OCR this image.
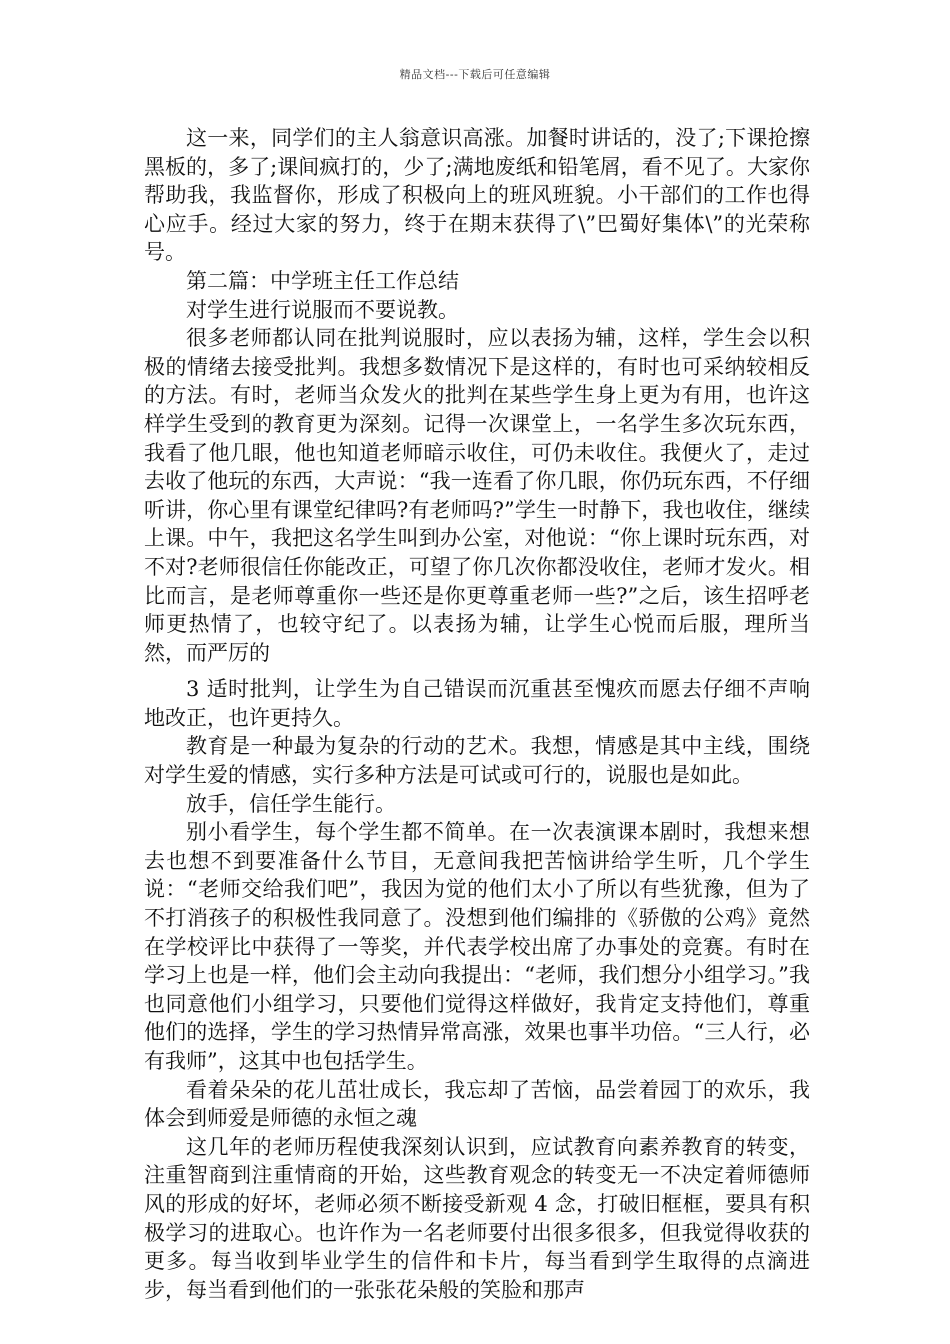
精品文档---下载后可任意编辑

这一来，同学们的主人翁意识高涨。加餐时讲话的，没了;下课抢擦黑板的，多了;课间疯打的，少了;满地废纸和铅笔屑，看不见了。大家你帮助我，我监督你，形成了积极向上的班风班貌。小干部们的工作也得心应手。经过大家的努力，终于在期末获得了\”巴蜀好集体\”的光荣称号。

第二篇：中学班主任工作总结

对学生进行说服而不要说教。

很多老师都认同在批判说服时，应以表扬为辅，这样，学生会以积极的情绪去接受批判。我想多数情况下是这样的，有时也可采纳较相反的方法。有时，老师当众发火的批判在某些学生身上更为有用，也许这样学生受到的教育更为深刻。记得一次课堂上，一名学生多次玩东西，我看了他几眼，他也知道老师暗示收住，可仍未收住。我便火了，走过去收了他玩的东西，大声说：“我一连看了你几眼，你仍玩东西，不仔细听讲，你心里有课堂纪律吗?有老师吗?”学生一时静下，我也收住，继续上课。中午，我把这名学生叫到办公室，对他说：“你上课时玩东西，对不对?老师很信任你能改正，可望了你几次你都没收住，老师才发火。相比而言，是老师尊重你一些还是你更尊重老师一些?”之后，该生招呼老师更热情了，也较守纪了。以表扬为辅，让学生心悦而后服，理所当然，而严厉的

3 适时批判，让学生为自己错误而沉重甚至愧疚而愿去仔细不声响地改正，也许更持久。

教育是一种最为复杂的行动的艺术。我想，情感是其中主线，围绕对学生爱的情感，实行多种方法是可试或可行的，说服也是如此。

放手，信任学生能行。

别小看学生，每个学生都不简单。在一次表演课本剧时，我想来想去也想不到要准备什么节目，无意间我把苦恼讲给学生听，几个学生说：“老师交给我们吧”，我因为觉的他们太小了所以有些犹豫，但为了不打消孩子的积极性我同意了。没想到他们编排的《骄傲的公鸡》竟然在学校评比中获得了一等奖，并代表学校出席了办事处的竞赛。有时在学习上也是一样，他们会主动向我提出：“老师，我们想分小组学习。”我也同意他们小组学习，只要他们觉得这样做好，我肯定支持他们，尊重他们的选择，学生的学习热情异常高涨，效果也事半功倍。“三人行，必有我师”，这其中也包括学生。

看着朵朵的花儿茁壮成长，我忘却了苦恼，品尝着园丁的欢乐，我体会到师爱是师德的永恒之魂

这几年的老师历程使我深刻认识到，应试教育向素养教育的转变，注重智商到注重情商的开始，这些教育观念的转变无一不决定着师德师风的形成的好坏，老师必须不断接受新观 4 念，打破旧框框，要具有积极学习的进取心。也许作为一名老师要付出很多很多，但我觉得收获的更多。每当收到毕业学生的信件和卡片，每当看到学生取得的点滴进步，每当看到他们的一张张花朵般的笑脸和那声
